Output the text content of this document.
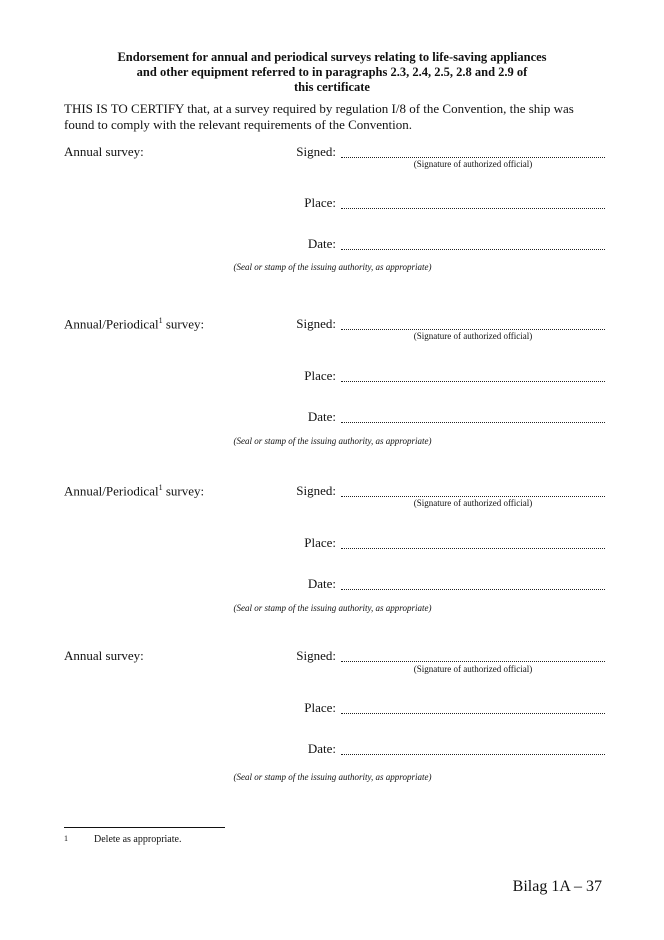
Endorsement for annual and periodical surveys relating to life-saving appliances
and other equipment referred to in paragraphs 2.3, 2.4, 2.5, 2.8 and 2.9 of
this certificate
THIS IS TO CERTIFY that, at a survey required by regulation I/8 of the Convention, the ship was
found to comply with the relevant requirements of the Convention.
Annual survey:	Signed:
(Signature of authorized official)
Place:
Date:
(Seal or stamp of the issuing authority, as appropriate)
Annual/Periodical$^1$ survey:	Signed:
(Signature of authorized official)
Place:
Date:
(Seal or stamp of the issuing authority, as appropriate)
Annual/Periodical$^1$ survey:	Signed:
(Signature of authorized official)
Place:
Date:
(Seal or stamp of the issuing authority, as appropriate)
Annual survey:	Signed:
(Signature of authorized official)
Place:
Date:
(Seal or stamp of the issuing authority, as appropriate)
1	Delete as appropriate.
Bilag 1A – 37
